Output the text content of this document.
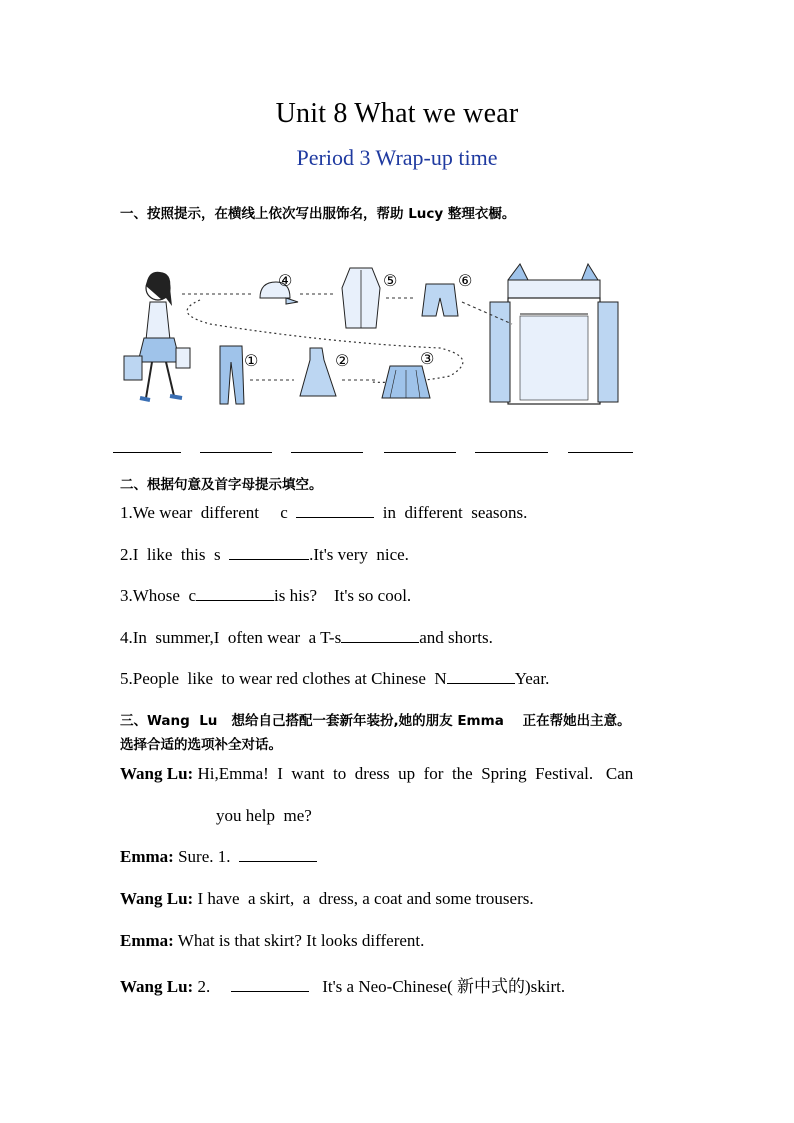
Unit 8 What we wear
Period 3 Wrap-up time
一、按照提示，在横线上依次写出服饰名，帮助 Lucy 整理衣橱。
①	②	③
④	⑤	⑥
二、根据句意及首字母提示填空。
1.We wear  different     c	in  different  seasons.
2.I  like  this  s	.It's very  nice.
3.Whose  c	is his?    It's so cool.
4.In  summer,I  often wear  a T-s	and shorts.
5.People  like  to wear red clothes at Chinese  N	Year.
三、Wang  Lu   想给自己搭配一套新年装扮,她的朋友 Emma    正在帮她出主意。
选择合适的选项补全对话。
Wang Lu: Hi,Emma!  I  want  to  dress  up  for  the  Spring  Festival.   Can
you help  me?
Emma: Sure. 1.
Wang Lu: I have  a skirt,  a  dress, a coat and some trousers.
Emma: What is that skirt? It looks different.
Wang Lu: 2.	It's a Neo-Chinese( 新中式的)skirt.
